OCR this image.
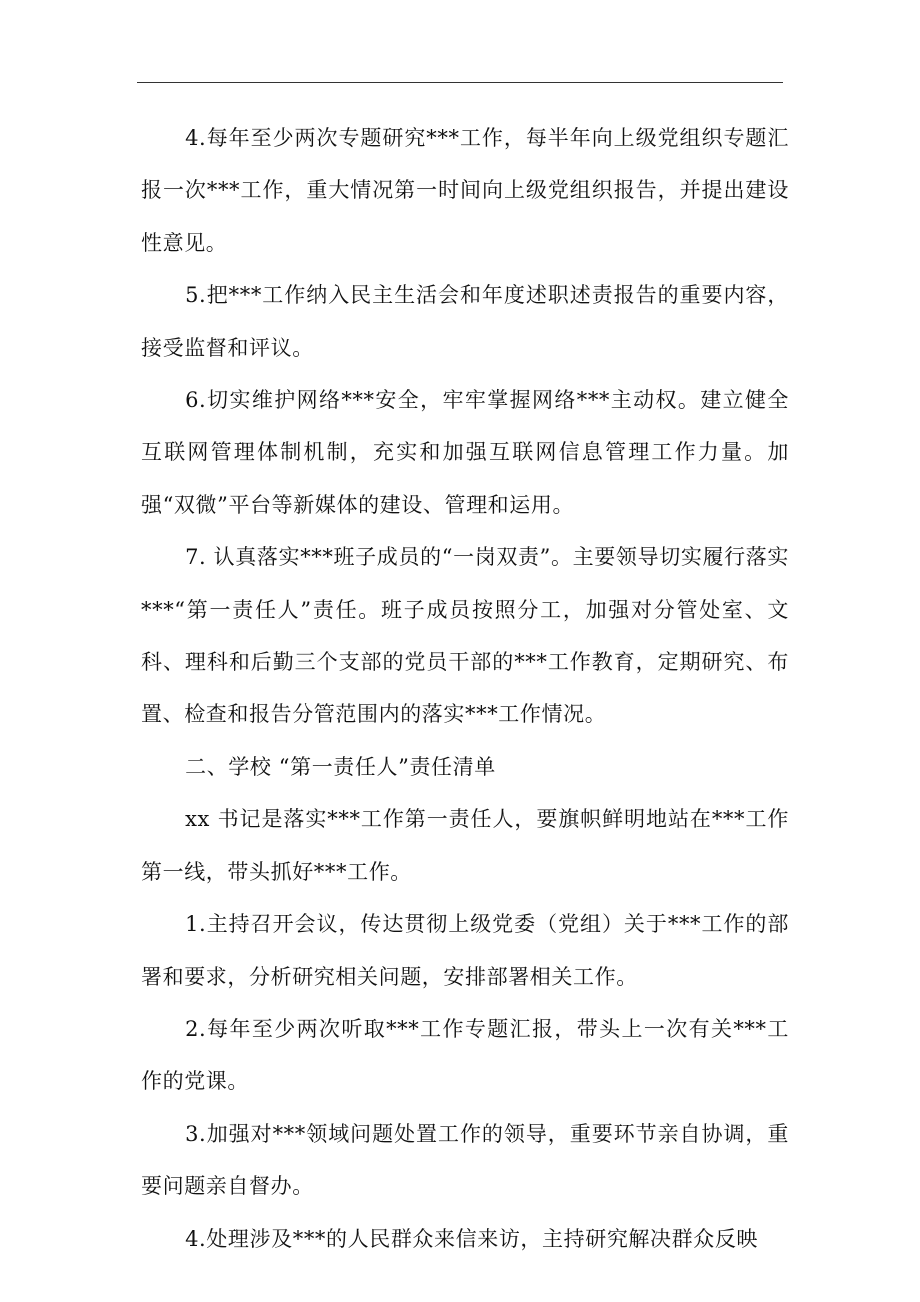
4.每年至少两次专题研究***工作，每半年向上级党组织专题汇报一次***工作，重大情况第一时间向上级党组织报告，并提出建设性意见。

5.把***工作纳入民主生活会和年度述职述责报告的重要内容，接受监督和评议。

6.切实维护网络***安全，牢牢掌握网络***主动权。建立健全互联网管理体制机制，充实和加强互联网信息管理工作力量。加强“双微”平台等新媒体的建设、管理和运用。

7. 认真落实***班子成员的“一岗双责”。主要领导切实履行落实***“第一责任人”责任。班子成员按照分工，加强对分管处室、文科、理科和后勤三个支部的党员干部的***工作教育，定期研究、布置、检查和报告分管范围内的落实***工作情况。

二、学校 “第一责任人”责任清单

xx 书记是落实***工作第一责任人，要旗帜鲜明地站在***工作第一线，带头抓好***工作。

1.主持召开会议，传达贯彻上级党委（党组）关于***工作的部署和要求，分析研究相关问题，安排部署相关工作。

2.每年至少两次听取***工作专题汇报，带头上一次有关***工作的党课。

3.加强对***领域问题处置工作的领导，重要环节亲自协调，重要问题亲自督办。

4.处理涉及***的人民群众来信来访，主持研究解决群众反映
